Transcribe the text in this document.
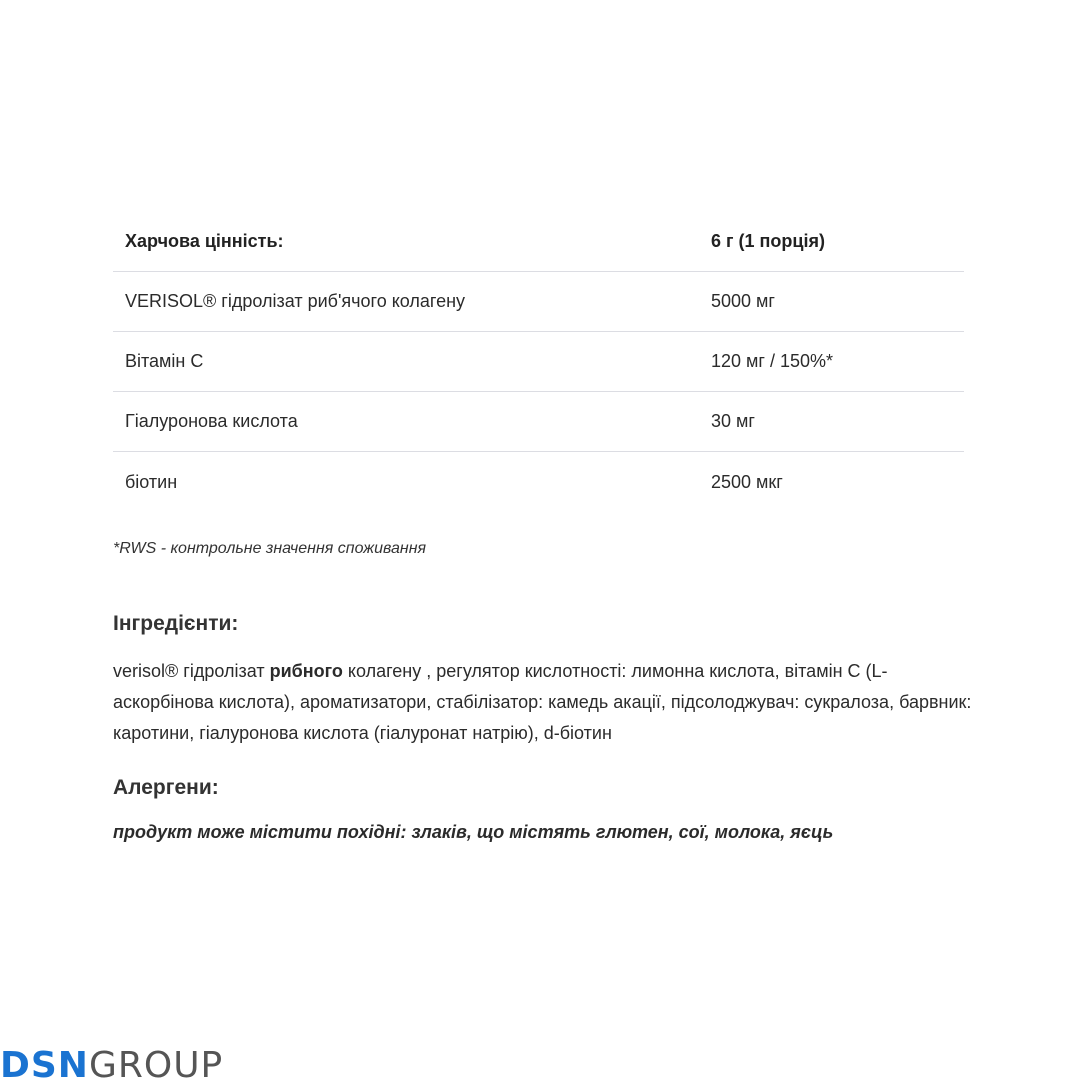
Харчова цінність:	6 г (1 порція)
VERISOL® гідролізат риб'ячого колагену	5000 мг
Вітамін С	120 мг / 150%*
Гіалуронова кислота	30 мг
біотин	2500 мкг
*RWS - контрольне значення споживання
Інгредієнти:
verisol® гідролізат рибного колагену , регулятор кислотності: лимонна кислота, вітамін С (L-аскорбінова кислота), ароматизатори, стабілізатор: камедь акації, підсолоджувач: сукралоза, барвник: каротини, гіалуронова кислота (гіалуронат натрію), d-біотин
Алергени:
продукт може містити похідні: злаків, що містять глютен, сої, молока, яєць
DSNGROUP
